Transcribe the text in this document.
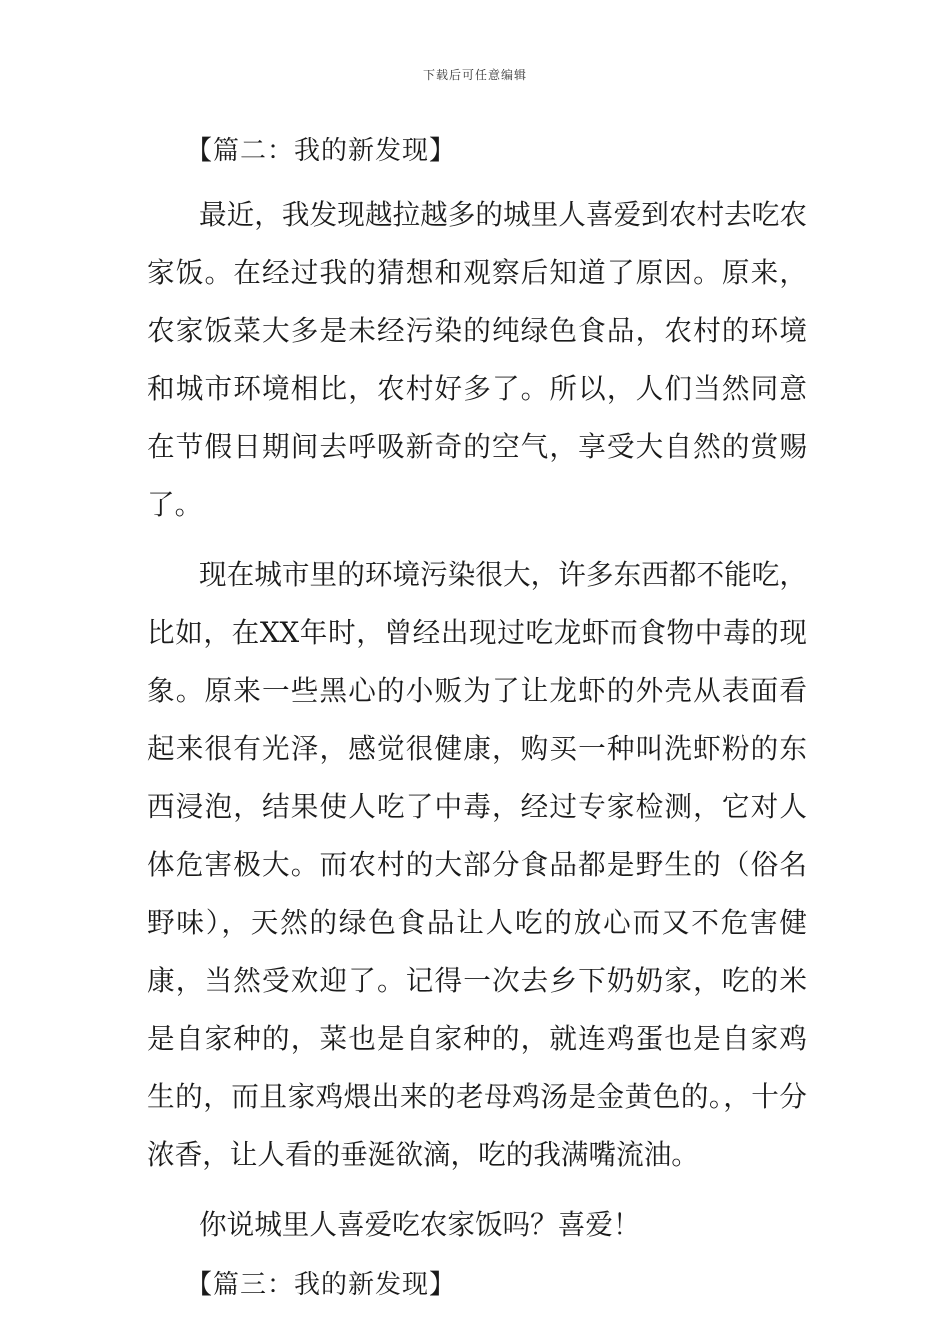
下载后可任意编辑
【篇二：我的新发现】

最近，我发现越拉越多的城里人喜爱到农村去吃农家饭。在经过我的猜想和观察后知道了原因。原来，农家饭菜大多是未经污染的纯绿色食品，农村的环境和城市环境相比，农村好多了。所以，人们当然同意在节假日期间去呼吸新奇的空气，享受大自然的赏赐了。

现在城市里的环境污染很大，许多东西都不能吃，比如，在XX年时，曾经出现过吃龙虾而食物中毒的现象。原来一些黑心的小贩为了让龙虾的外壳从表面看起来很有光泽，感觉很健康，购买一种叫洗虾粉的东西浸泡，结果使人吃了中毒，经过专家检测，它对人体危害极大。而农村的大部分食品都是野生的（俗名野味），天然的绿色食品让人吃的放心而又不危害健康，当然受欢迎了。记得一次去乡下奶奶家，吃的米是自家种的，菜也是自家种的，就连鸡蛋也是自家鸡生的，而且家鸡煨出来的老母鸡汤是金黄色的。，十分浓香，让人看的垂涎欲滴，吃的我满嘴流油。

你说城里人喜爱吃农家饭吗？喜爱！

【篇三：我的新发现】
